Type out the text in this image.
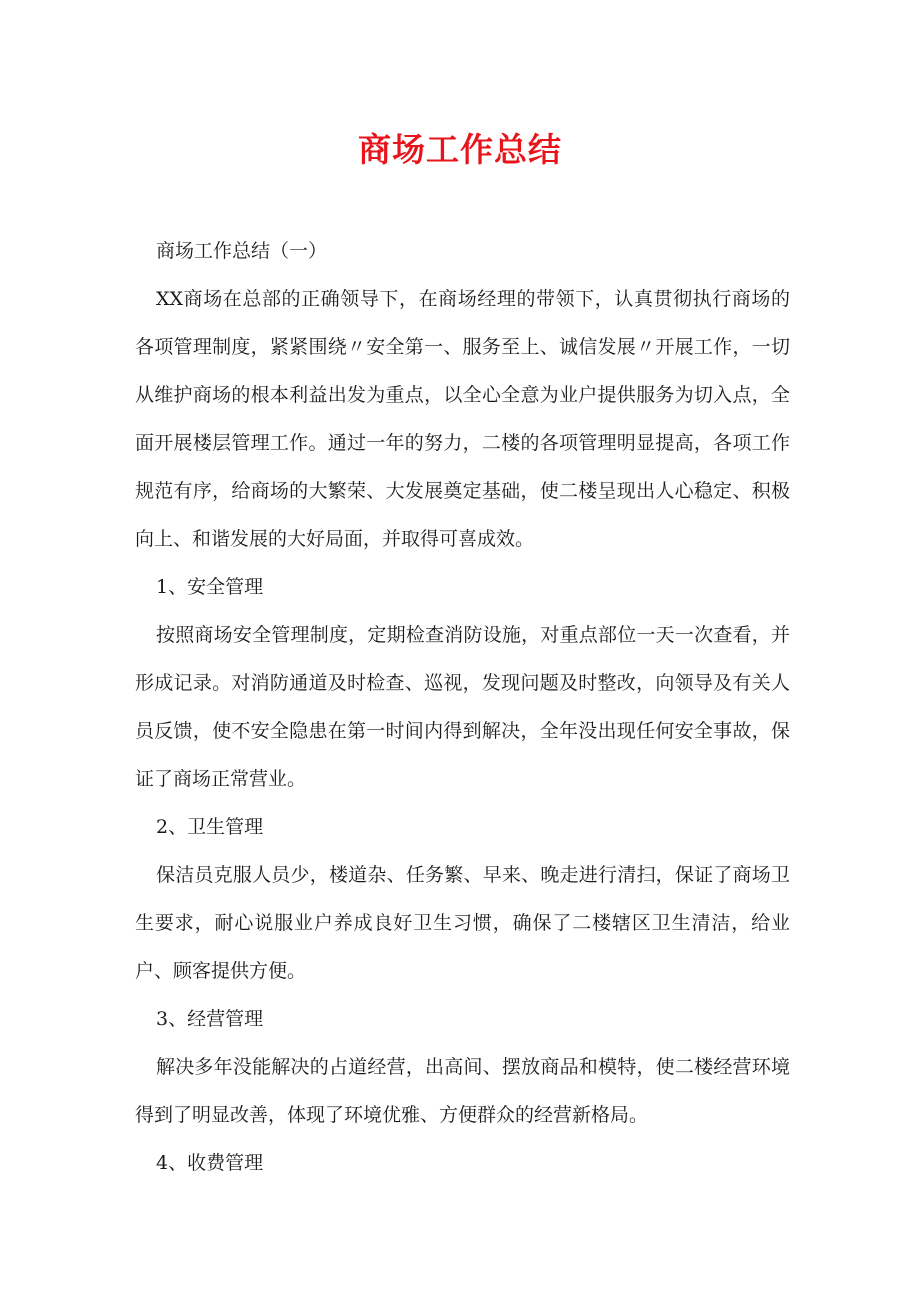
商场工作总结

商场工作总结（一）

XX商场在总部的正确领导下，在商场经理的带领下，认真贯彻执行商场的各项管理制度，紧紧围绕〃安全第一、服务至上、诚信发展〃开展工作，一切从维护商场的根本利益出发为重点，以全心全意为业户提供服务为切入点，全面开展楼层管理工作。通过一年的努力，二楼的各项管理明显提高，各项工作规范有序，给商场的大繁荣、大发展奠定基础，使二楼呈现出人心稳定、积极向上、和谐发展的大好局面，并取得可喜成效。

1、安全管理

按照商场安全管理制度，定期检查消防设施，对重点部位一天一次查看，并形成记录。对消防通道及时检查、巡视，发现问题及时整改，向领导及有关人员反馈，使不安全隐患在第一时间内得到解决，全年没出现任何安全事故，保证了商场正常营业。

2、卫生管理

保洁员克服人员少，楼道杂、任务繁、早来、晚走进行清扫，保证了商场卫生要求，耐心说服业户养成良好卫生习惯，确保了二楼辖区卫生清洁，给业户、顾客提供方便。

3、经营管理

解决多年没能解决的占道经营，出高间、摆放商品和模特，使二楼经营环境得到了明显改善，体现了环境优雅、方便群众的经营新格局。

4、收费管理
